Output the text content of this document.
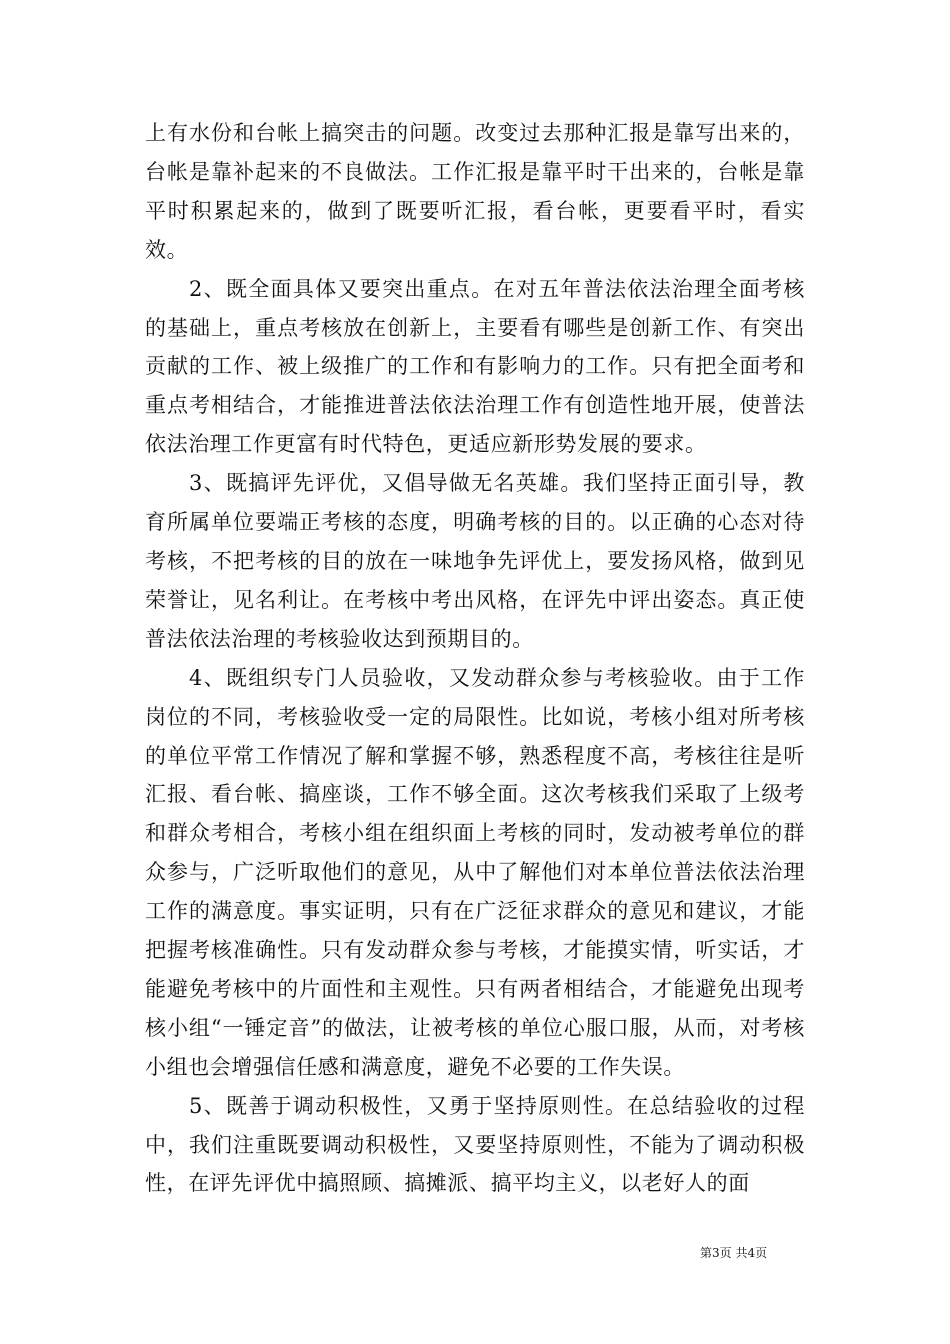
上有水份和台帐上搞突击的问题。改变过去那种汇报是靠写出来的，台帐是靠补起来的不良做法。工作汇报是靠平时干出来的，台帐是靠平时积累起来的，做到了既要听汇报，看台帐，更要看平时，看实效。

2、既全面具体又要突出重点。在对五年普法依法治理全面考核的基础上，重点考核放在创新上，主要看有哪些是创新工作、有突出贡献的工作、被上级推广的工作和有影响力的工作。只有把全面考和重点考相结合，才能推进普法依法治理工作有创造性地开展，使普法依法治理工作更富有时代特色，更适应新形势发展的要求。

3、既搞评先评优，又倡导做无名英雄。我们坚持正面引导，教育所属单位要端正考核的态度，明确考核的目的。以正确的心态对待考核，不把考核的目的放在一味地争先评优上，要发扬风格，做到见荣誉让，见名利让。在考核中考出风格，在评先中评出姿态。真正使普法依法治理的考核验收达到预期目的。

4、既组织专门人员验收，又发动群众参与考核验收。由于工作岗位的不同，考核验收受一定的局限性。比如说，考核小组对所考核的单位平常工作情况了解和掌握不够，熟悉程度不高，考核往往是听汇报、看台帐、搞座谈，工作不够全面。这次考核我们采取了上级考和群众考相合，考核小组在组织面上考核的同时，发动被考单位的群众参与，广泛听取他们的意见，从中了解他们对本单位普法依法治理工作的满意度。事实证明，只有在广泛征求群众的意见和建议，才能把握考核准确性。只有发动群众参与考核，才能摸实情，听实话，才能避免考核中的片面性和主观性。只有两者相结合，才能避免出现考核小组“一锤定音”的做法，让被考核的单位心服口服，从而，对考核小组也会增强信任感和满意度，避免不必要的工作失误。

5、既善于调动积极性，又勇于坚持原则性。在总结验收的过程中，我们注重既要调动积极性，又要坚持原则性，不能为了调动积极性，在评先评优中搞照顾、搞摊派、搞平均主义，以老好人的面

第3页 共4页
